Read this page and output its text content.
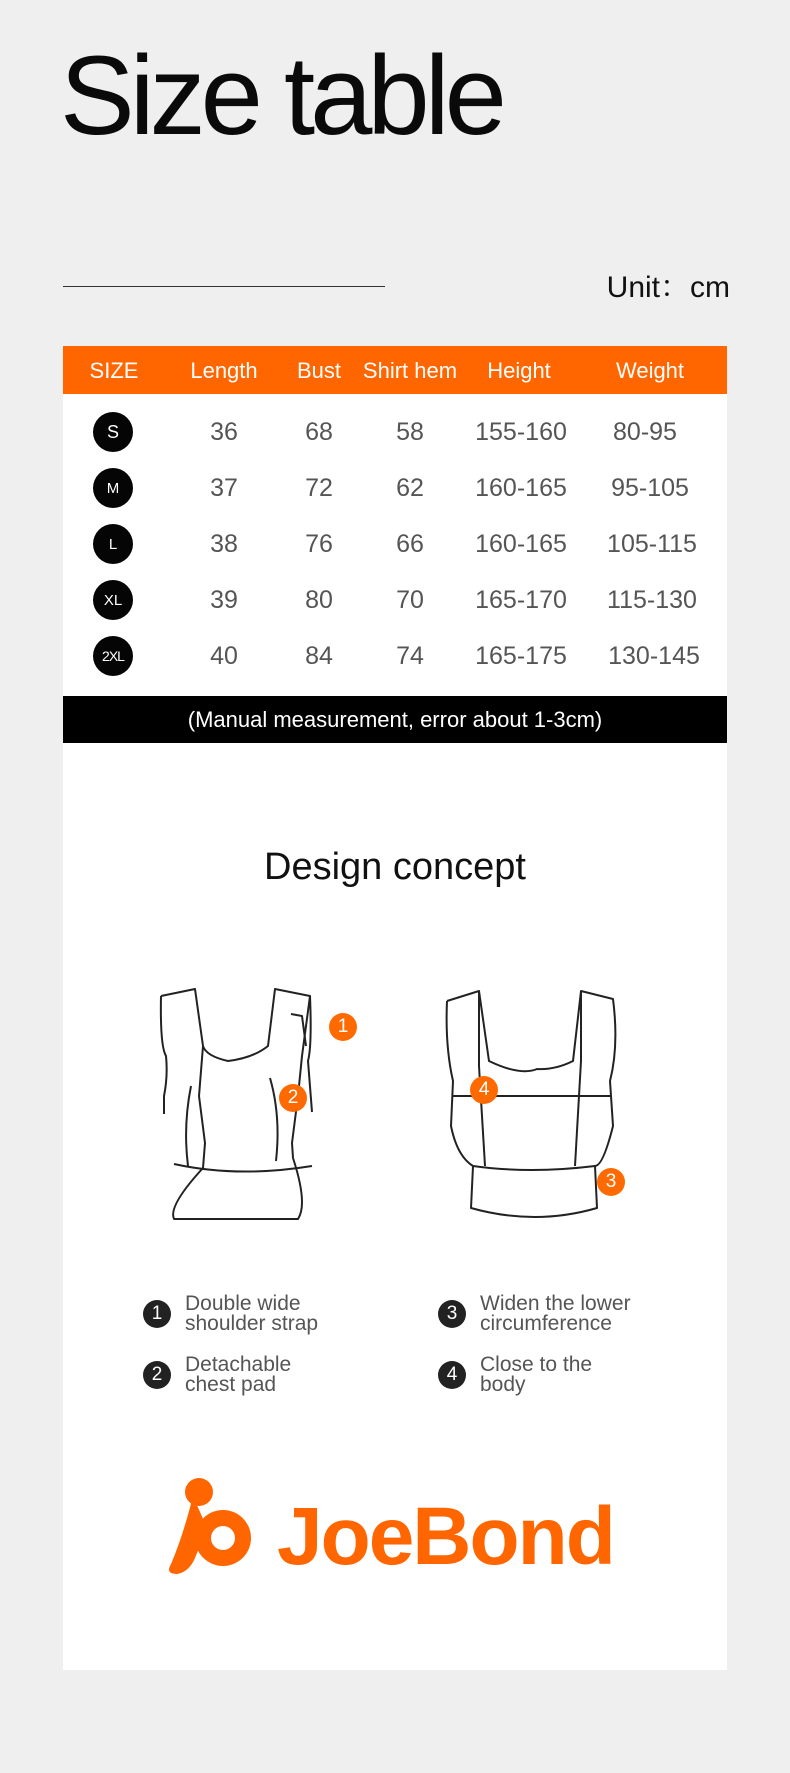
Size table
Unit：cm
SIZE Length Bust Shirt hem Height	Weight
S	36	68	58 155-160 80-95
M	37	72	62 160-165 95-105
L	38	76	66 160-165 105-115
XL	39	80	70 165-170 115-130
2XL	40	84	74 165-175 130-145
(Manual measurement, error about 1-3cm)
Design concept
1
2	4
3
1	Double wide
shoulder strap
2	Detachable
chest pad
3	Widen the lower
circumference
4	Close to the
body
JoeBond
